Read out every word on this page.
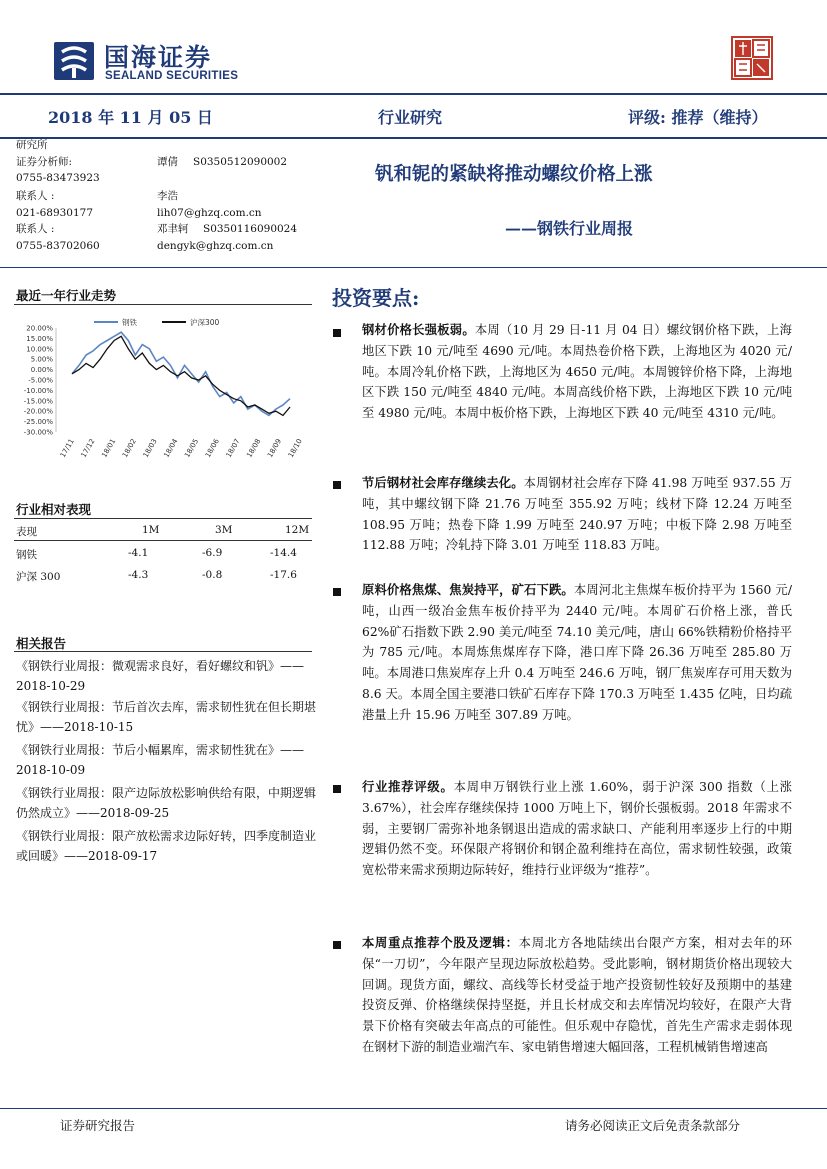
国海证券
SEALAND SECURITIES
2018 年 11 月 05 日	行业研究	评级: 推荐（维持）
研究所
证券分析师:	谭倩 S0350512090002
0755-83473923
联系人 :	李浩
021-68930177	lih07@ghzq.com.cn
联系人 :	邓聿轲 S0350116090024
0755-83702060	dengyk@ghzq.com.cn
钒和铌的紧缺将推动螺纹价格上涨
——钢铁行业周报
最近一年行业走势
钢铁	沪深300
20.00%
15.00%
10.00%
5.00%
0.00%
-5.00%
-10.00%
-15.00%
-20.00%
-25.00%
-30.00%
17/11 17/12 18/01 18/02 18/03 18/04 18/05 18/06 18/07 18/08 18/09 18/10
行业相对表现
表现	1M	3M	12M
钢铁	-4.1	-6.9	-14.4
沪深 300	-4.3	-0.8	-17.6
相关报告
《钢铁行业周报：微观需求良好，看好螺纹和钒》——2018-10-29
《钢铁行业周报：节后首次去库，需求韧性犹在但长期堪忧》——2018-10-15
《钢铁行业周报：节后小幅累库，需求韧性犹在》——2018-10-09
《钢铁行业周报：限产边际放松影响供给有限，中期逻辑仍然成立》——2018-09-25
《钢铁行业周报：限产放松需求边际好转，四季度制造业或回暖》——2018-09-17
投资要点:
钢材价格长强板弱。本周（10 月 29 日-11 月 04 日）螺纹钢价格下跌，上海地区下跌 10 元/吨至 4690 元/吨。本周热卷价格下跌，上海地区为 4020 元/吨。本周冷轧价格下跌，上海地区为 4650 元/吨。本周镀锌价格下降，上海地区下跌 150 元/吨至 4840 元/吨。本周高线价格下跌，上海地区下跌 10 元/吨至 4980 元/吨。本周中板价格下跌，上海地区下跌 40 元/吨至 4310 元/吨。
节后钢材社会库存继续去化。本周钢材社会库存下降 41.98 万吨至 937.55 万吨，其中螺纹钢下降 21.76 万吨至 355.92 万吨；线材下降 12.24 万吨至 108.95 万吨；热卷下降 1.99 万吨至 240.97 万吨；中板下降 2.98 万吨至 112.88 万吨；冷轧持下降 3.01 万吨至 118.83 万吨。
原料价格焦煤、焦炭持平，矿石下跌。本周河北主焦煤车板价持平为 1560 元/吨，山西一级冶金焦车板价持平为 2440 元/吨。本周矿石价格上涨，普氏 62%矿石指数下跌 2.90 美元/吨至 74.10 美元/吨，唐山 66%铁精粉价格持平为 785 元/吨。本周炼焦煤库存下降，港口库下降 26.36 万吨至 285.80 万吨。本周港口焦炭库存上升 0.4 万吨至 246.6 万吨，钢厂焦炭库存可用天数为 8.6 天。本周全国主要港口铁矿石库存下降 170.3 万吨至 1.435 亿吨，日均疏港量上升 15.96 万吨至 307.89 万吨。
行业推荐评级。本周申万钢铁行业上涨 1.60%，弱于沪深 300 指数（上涨 3.67%），社会库存继续保持 1000 万吨上下，钢价长强板弱。2018 年需求不弱，主要钢厂需弥补地条钢退出造成的需求缺口、产能利用率逐步上行的中期逻辑仍然不变。环保限产将钢价和钢企盈利维持在高位，需求韧性较强，政策宽松带来需求预期边际转好，维持行业评级为“推荐”。
本周重点推荐个股及逻辑：本周北方各地陆续出台限产方案，相对去年的环保“一刀切”，今年限产呈现边际放松趋势。受此影响，钢材期货价格出现较大回调。现货方面，螺纹、高线等长材受益于地产投资韧性较好及预期中的基建投资反弹、价格继续保持坚挺，并且长材成交和去库情况均较好，在限产大背景下价格有突破去年高点的可能性。但乐观中存隐忧，首先生产需求走弱体现在钢材下游的制造业端汽车、家电销售增速大幅回落，工程机械销售增速高
证券研究报告	请务必阅读正文后免责条款部分
